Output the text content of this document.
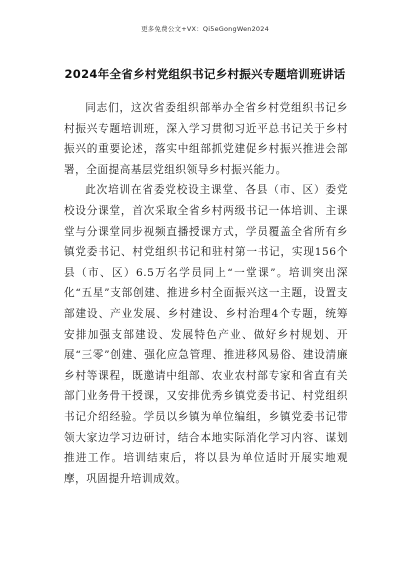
更多免费公文+VX：Qi5eGongWen2024
2024年全省乡村党组织书记乡村振兴专题培训班讲话

同志们，这次省委组织部举办全省乡村党组织书记乡村振兴专题培训班，深入学习贯彻习近平总书记关于乡村振兴的重要论述，落实中组部抓党建促乡村振兴推进会部署，全面提高基层党组织领导乡村振兴能力。

此次培训在省委党校设主课堂、各县（市、区）委党校设分课堂，首次采取全省乡村两级书记一体培训、主课堂与分课堂同步视频直播授课方式，学员覆盖全省所有乡镇党委书记、村党组织书记和驻村第一书记，实现156个县（市、区）6.5万名学员同上“一堂课”。培训突出深化“五星”支部创建、推进乡村全面振兴这一主题，设置支部建设、产业发展、乡村建设、乡村治理4个专题，统筹安排加强支部建设、发展特色产业、做好乡村规划、开展“三零”创建、强化应急管理、推进移风易俗、建设清廉乡村等课程，既邀请中组部、农业农村部专家和省直有关部门业务骨干授课，又安排优秀乡镇党委书记、村党组织书记介绍经验。学员以乡镇为单位编组，乡镇党委书记带领大家边学习边研讨，结合本地实际消化学习内容、谋划推进工作。培训结束后，将以县为单位适时开展实地观摩，巩固提升培训成效。
